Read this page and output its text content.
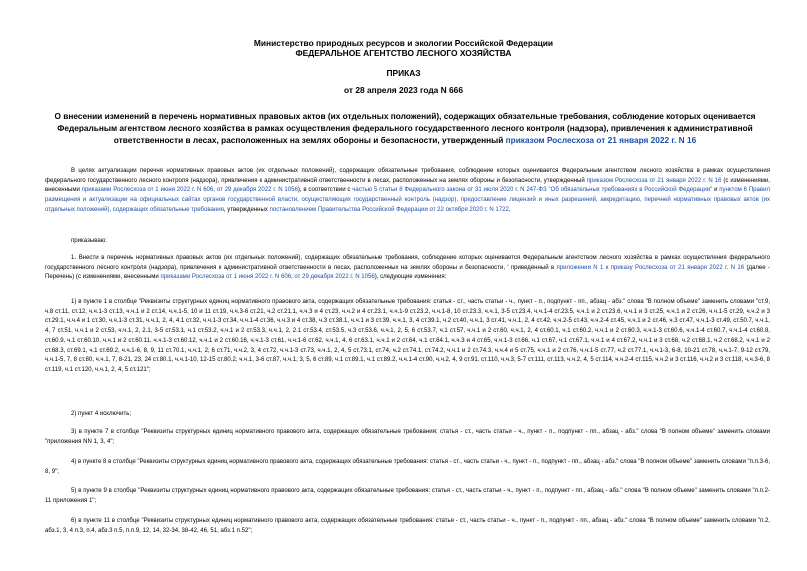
Министерство природных ресурсов и экологии Российской Федерации
ФЕДЕРАЛЬНОЕ АГЕНТСТВО ЛЕСНОГО ХОЗЯЙСТВА
ПРИКАЗ
от 28 апреля 2023 года N 666
О внесении изменений в перечень нормативных правовых актов (их отдельных положений), содержащих обязательные требования, соблюдение которых оценивается Федеральным агентством лесного хозяйства в рамках осуществления федерального государственного лесного контроля (надзора), привлечения к административной ответственности в лесах, расположенных на землях обороны и безопасности, утвержденный приказом Рослесхоза от 21 января 2022 г. N 16
В целях актуализации перечня нормативных правовых актов (их отдельных положений), содержащих обязательные требования, соблюдение которых оценивается Федеральным агентством лесного хозяйства в рамках осуществления федерального государственного лесного контроля (надзора), привлечения к административной ответственности в лесах, расположенных на землях обороны и безопасности, утвержденный приказом Рослесхоза от 21 января 2022 г. N 16 (с изменениями, внесенными приказами Рослесхоза от 1 июня 2022 г. N 606, от 29 декабря 2022 г. N 1056), в соответствии с частью 5 статьи 8 Федерального закона от 31 июля 2020 г. N 247-ФЗ "Об обязательных требованиях в Российской Федерации" и пунктом 6 Правил размещения и актуализации на официальных сайтах органов государственной власти, осуществляющих государственный контроль (надзор), предоставление лицензий и иных разрешений, аккредитацию, перечней нормативных правовых актов (их отдельных положений), содержащих обязательные требования, утвержденных постановлением Правительства Российской Федерации от 22 октября 2020 г. N 1722,
приказываю:
1. Внести в перечень нормативных правовых актов (их отдельных положений), содержащих обязательные требования, соблюдение которых оценивается Федеральным агентством лесного хозяйства в рамках осуществления федерального государственного лесного контроля (надзора), привлечения к административной ответственности в лесах, расположенных на землях обороны и безопасности, ' приведенный в приложении N 1 к приказу Рослесхоза от 21 января 2022 г. N 16 (далее - Перечень) (с изменениями, внесенными приказами Рослесхоза от 1 июня 2022 г. N 606, от 29 декабря 2022 г. N 1056), следующие изменения:
1) в пункте 1 в столбце "Реквизиты структурных единиц нормативного правового акта, содержащих обязательные требования: статья - ст., часть статьи - ч., пункт - п., подпункт - пп., абзац - абз." слова "В полном объеме" заменить словами "ст.9, ч.8 ст.11, ст.12, ч.ч.1-3 ст.13, ч.ч.1 и 2 ст.14, ч.ч.1-5, 10 и 11 ст.19, ч.ч.3-6 ст.21, ч.2 ст.21.1, ч.ч.3 и 4 ст.23, ч.ч.2 и 4 ст.23.1, ч.ч.1-9 ст.23.2, ч.ч.1-8, 10 ст.23.3, ч.ч.1, 3-5 ст.23.4, ч.ч.1-4 ст.23.5, ч.ч.1 и 2 ст.23.6, ч.ч.1 и 3 ст.25, ч.ч.1 и 2 ст.26, ч.ч.1-5 ст.29, ч.ч.2 и 3 ст.29.1, ч.ч.4 и 1 ст.30, ч.ч.1-3 ст.31, ч.ч.1, 2, 4, 4.1 ст.32, ч.ч.1-3 ст.34, ч.ч.1-4 ст.36, ч.ч.3 и 4 ст.38, ч.3 ст.38.1, ч.ч.1 и 3 ст.39, ч.ч.1, 3, 4 ст.39.1, ч.2 ст.40, ч.ч.1, 3 ст.41, ч.ч.1, 2, 4 ст.42, ч.ч.2-5 ст.43, ч.ч.2-4 ст.45, ч.ч.1 и 2 ст.46, ч.3 ст.47, ч.ч.1-3 ст.49, ст.50.7, ч.ч.1, 4, 7 ст.51, ч.ч.1 и 2 ст.53, ч.ч.1, 2, 2.1, 3-5 ст.53.1, ч.1 ст.53.2, ч.ч.1 и 2 ст.53.3, ч.ч.1, 2, 2.1 ст.53.4, ст.53.5, ч.3 ст.53.6, ч.ч.1, 2, 5, 6 ст.53.7, ч.1 ст.57, ч.ч.1 и 2 ст.60, ч.ч.1, 2, 4 ст.60.1, ч.1 ст.60.2, ч.ч.1 и 2 ст.60.3, ч.ч.1-3 ст.60.6, ч.ч.1-4 ст.60.7, ч.ч.1-4 ст.60.8, ст.60.9, ч.1 ст.60.10, ч.ч.1 и 2 ст.60.11, ч.ч.1-3 ст.60.12, ч.ч.1 и 2 ст.60.16, ч.ч.1-3 ст.61, ч.ч.1-6 ст.62, ч.ч.1, 4, 6 ст.63.1, ч.ч.1 и 2 ст.64, ч.1 ст.64.1, ч.ч.3 и 4 ст.65, ч.ч.1-3 ст.66, ч.1 ст.67, ч.1 ст.67.1, ч.ч.1 и 4 ст.67.2, ч.ч.1 и 3 ст.68, ч.2 ст.68.1, ч.2 ст.68.2, ч.ч.1 и 2 ст.68.3, ст.69.1, ч.1 ст.69.2, ч.ч.1-6, 8, 9, 11 ст.70.1, ч.ч.1, 2, 6 ст.71, ч.ч.2, 3, 4 ст.72, ч.ч.1-3 ст.73, ч.ч.1, 2, 4, 5 ст.73.1, ст.74, ч.2 ст.74.1, ст.74.2, ч.ч.1 и 2 ст.74.3, ч.ч.4 и 5 ст.75, ч.ч.1 и 2 ст.76, ч.ч.1-5 ст.77, ч.2 ст.77.1, ч.ч.1-3, 6-8, 10-21 ст.78, ч.ч.1-7, 9-12 ст.79, ч.ч.1-5, 7, 8 ст.80, ч.ч.1, 7, 8-21, 23, 24 ст.80.1, ч.ч.1-10, 12-15 ст.80.2, ч.ч.1, 3-6 ст.87, ч.ч.1, 3, 5, 6 ст.89, ч.1 ст.89.1, ч.1 ст.89.2, ч.ч.1-4 ст.90, ч.ч.2, 4, 9 ст.91, ст.110, ч.ч.3, 5-7 ст.111, ст.113, ч.ч.2, 4, 5 ст.114, ч.ч.2-4 ст.115, ч.ч.2 и 3 ст.116, ч.ч.2 и 3 ст.118, ч.ч.3-6, 8 ст.119, ч.1 ст.120, ч.ч.1, 2, 4, 5 ст.121";
2) пункт 4 исключить;
3) в пункте 7 в столбце "Реквизиты структурных единиц нормативного правового акта, содержащих обязательные требования: статья - ст., часть статьи - ч., пункт - п., подпункт - пп., абзац - абз." слова "В полном объеме" заменить словами "приложения NN 1, 3, 4";
4) в пункте 8 в столбце "Реквизиты структурных единиц нормативного правового акта, содержащих обязательные требования: статья - ст., часть статьи - ч., пункт - п., подпункт - пп., абзац - абз." слова "В полном объеме" заменить словами "п.п.3-6, 8, 9";
5) в пункте 9 в столбце "Реквизиты структурных единиц нормативного правового акта, содержащих обязательные требования: статья - ст., часть статьи - ч., пункт - п., подпункт - пп., абзац - абз." слова "В полном объеме" заменить словами "п.п.2-11 приложения 1";
6) в пункте 11 в столбце "Реквизиты структурных единиц нормативного правового акта, содержащих обязательные требования: статья - ст., часть статьи - ч., пункт - п., подпункт - пп., абзац - абз." слова "В полном объеме" заменить словами "п.2, абз.1, 3, 4 п.3, п.4, абз.3 п.5, п.п.9, 12, 14, 32-34, 38-42, 46, 51, абз.1 п.52";
